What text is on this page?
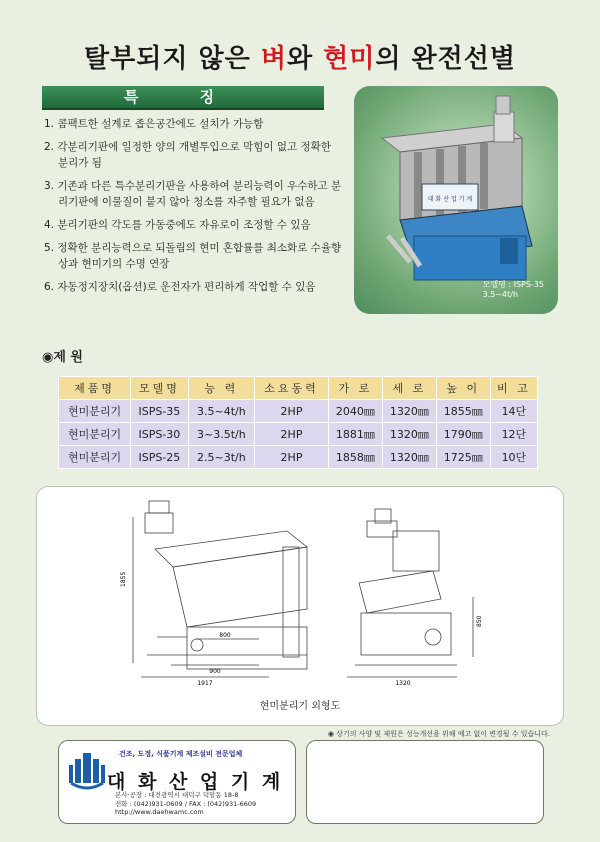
탈부되지 않은 벼와 현미의 완전선별
특 징
1. 콤팩트한 설계로 좁은공간에도 설치가 가능함
2. 각분리기판에 일정한 양의 개별투입으로 막힘이 없고 정확한 분리가 됨
3. 기존과 다른 특수분리기판을 사용하여 분리능력이 우수하고 분리기판에 이물질이 붙지 않아 청소를 자주할 필요가 없음
4. 분리기판의 각도를 가동중에도 자유로이 조정할 수 있음
5. 정확한 분리능력으로 되돌림의 현미 혼합률를 최소화로 수율향상과 현미기의 수명 연장
6. 자동정지장치(옵션)로 운전자가 편리하게 작업할 수 있음
대 화 산 업 기 계
모델명 : ISPS-35
3.5~4t/h
◉제 원
제품명	모델명	능 력	소요동력	가 로	세 로	높 이	비 고
현미분리기	ISPS-35	3.5~4t/h	2HP	2040㎜	1320㎜	1855㎜	14단
현미분리기	ISPS-30	3~3.5t/h	2HP	1881㎜	1320㎜	1790㎜	12단
현미분리기	ISPS-25	2.5~3t/h	2HP	1858㎜	1320㎜	1725㎜	10단
1855
800
900
1917
850
1320
현미분리기 외형도
◉ 상기의 사양 및 제원은 성능개선을 위해 예고 없이 변경될 수 있습니다.
건조, 도정, 식품기계 제조설비 전문업체
대 화 산 업 기 계
본사·공장 : 대전광역시 대덕구 덕암동 18-8
전화 : (042)931-0609 / FAX : (042)931-6609
http://www.daehwamc.com
